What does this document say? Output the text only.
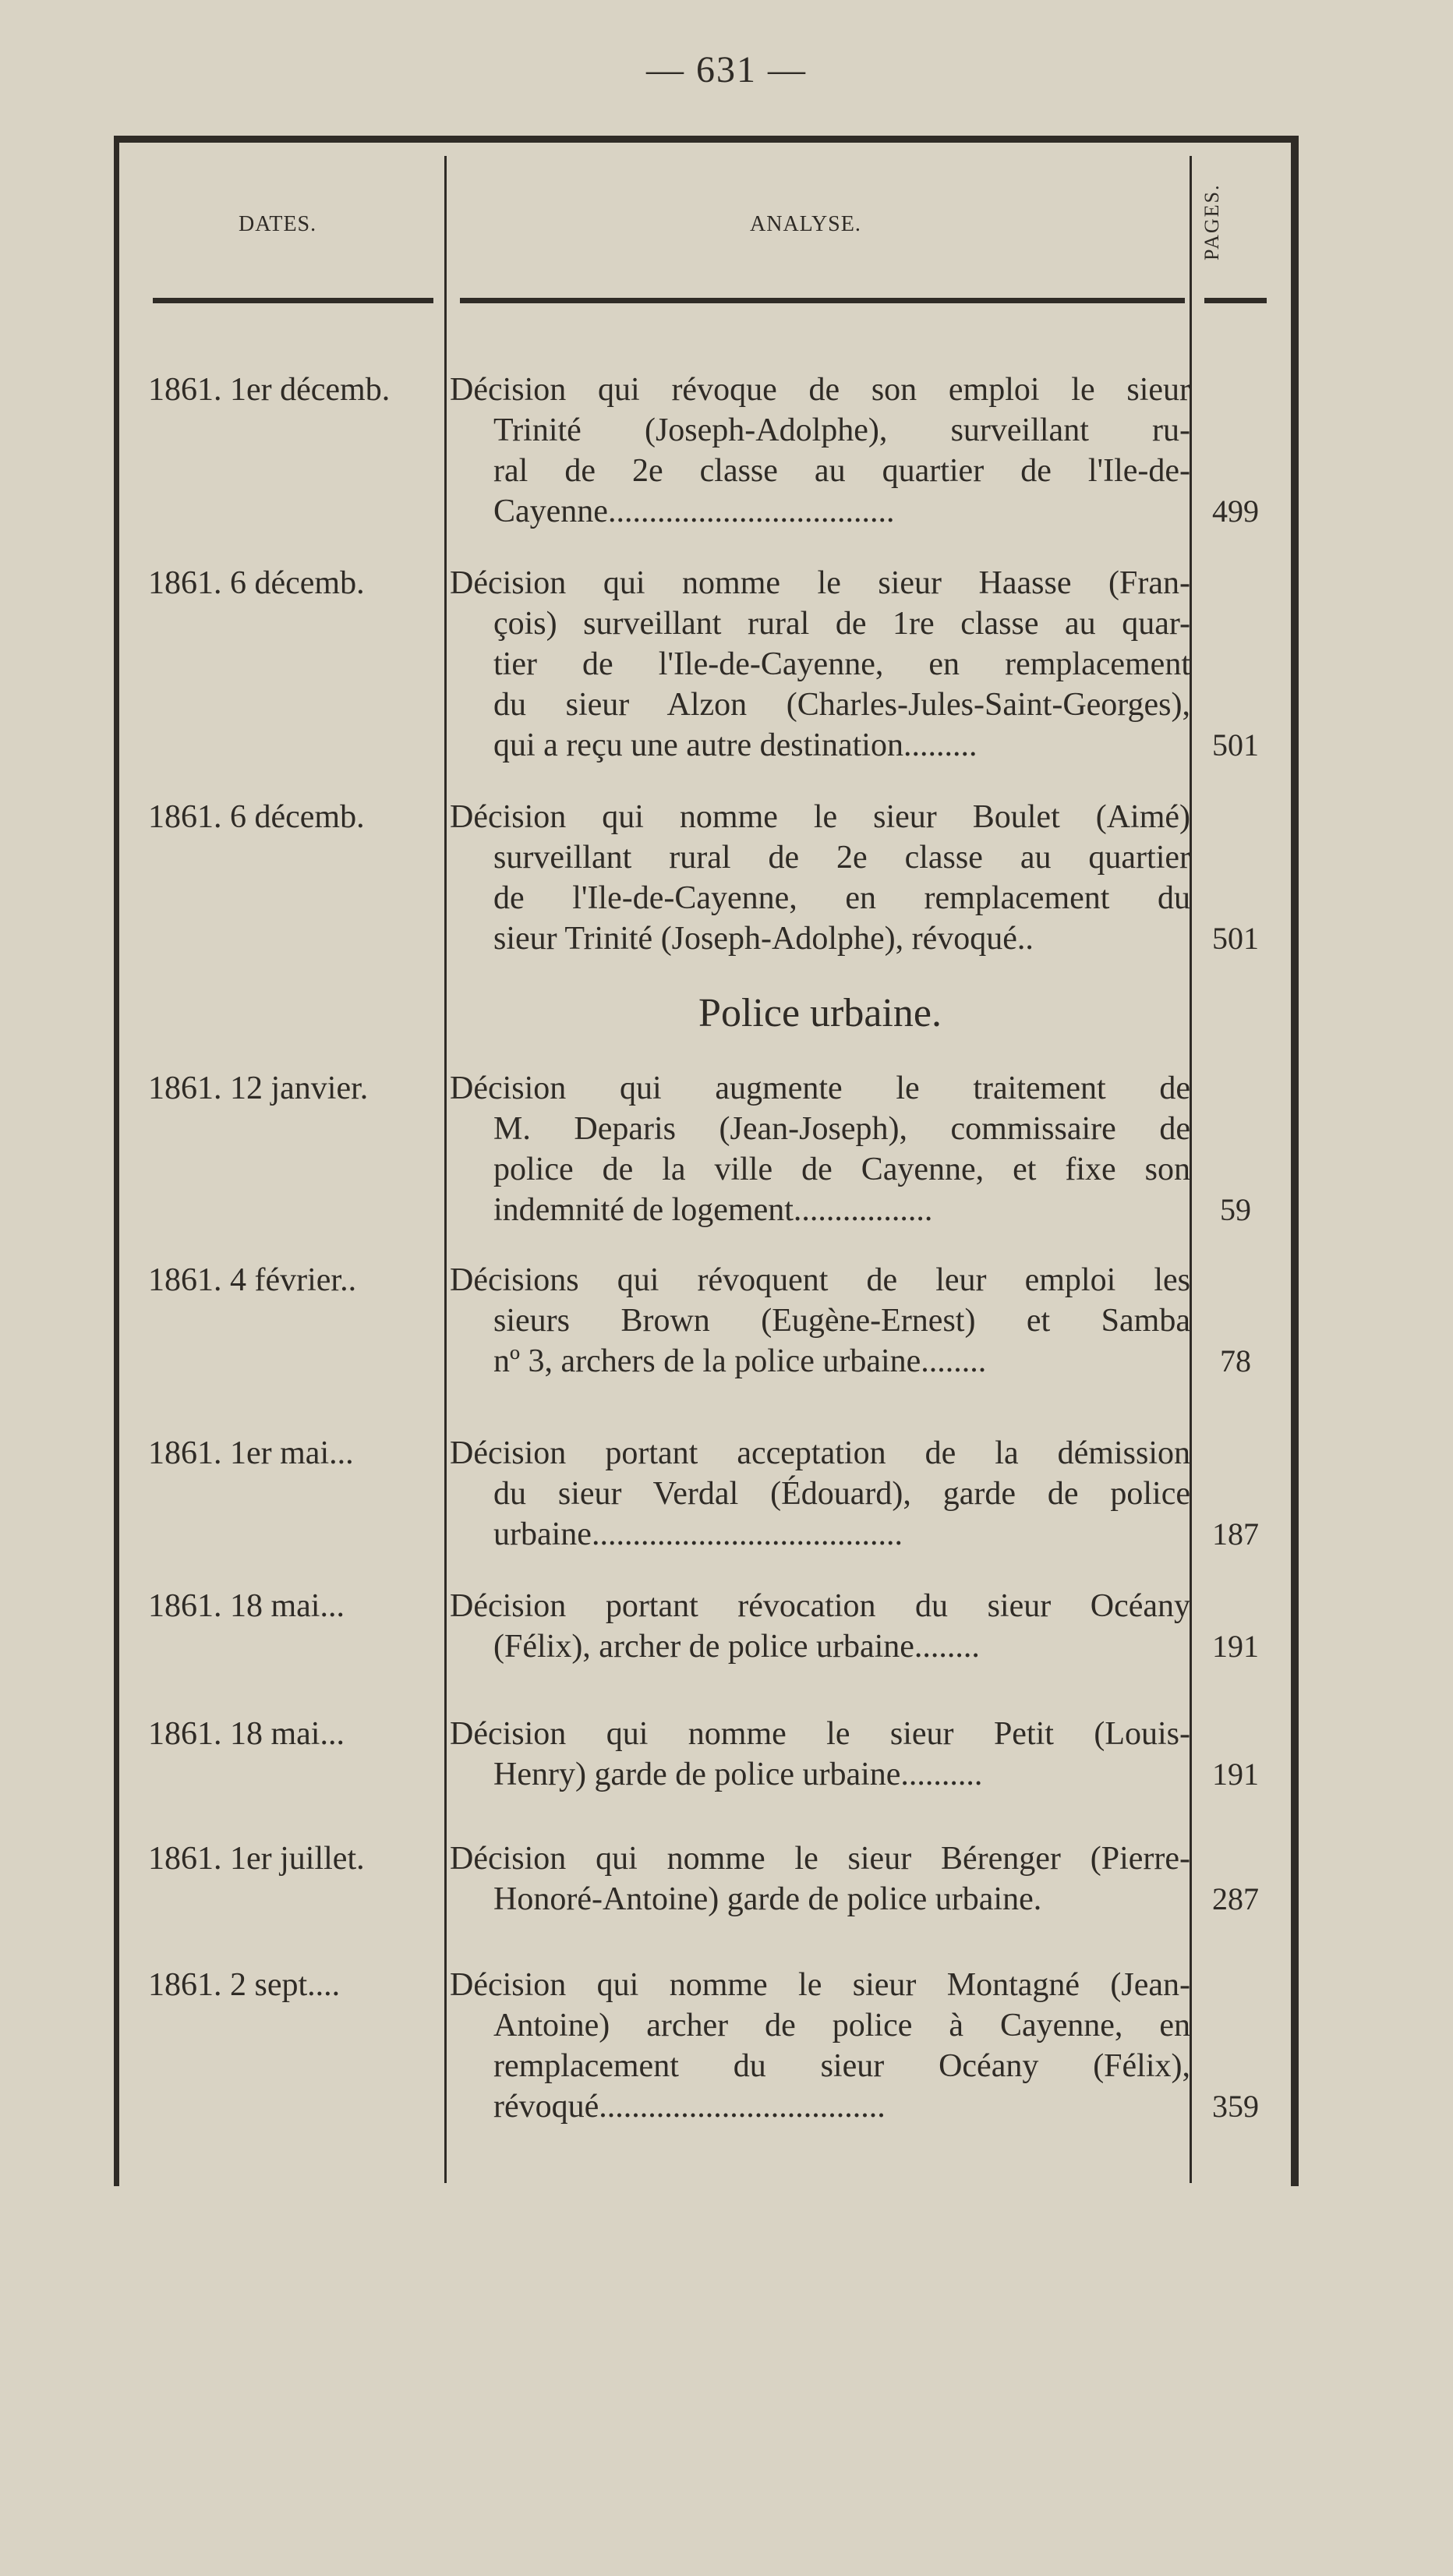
— 631 —
DATES.	ANALYSE.	PAGES.
1861. 1er décemb.	Décision qui révoque de son emploi le sieur
Trinité (Joseph-Adolphe), surveillant ru-
ral de 2e classe au quartier de l'Ile-de-
Cayenne...................................	499
1861. 6 décemb.	Décision qui nomme le sieur Haasse (Fran-
çois) surveillant rural de 1re classe au quar-
tier de l'Ile-de-Cayenne, en remplacement
du sieur Alzon (Charles-Jules-Saint-Georges),
qui a reçu une autre destination.........	501
1861. 6 décemb.	Décision qui nomme le sieur Boulet (Aimé)
surveillant rural de 2e classe au quartier
de l'Ile-de-Cayenne, en remplacement du
sieur Trinité (Joseph-Adolphe), révoqué..	501
Police urbaine.
1861. 12 janvier.	Décision qui augmente le traitement de
M. Deparis (Jean-Joseph), commissaire de
police de la ville de Cayenne, et fixe son
indemnité de logement.................	59
1861. 4 février..	Décisions qui révoquent de leur emploi les
sieurs Brown (Eugène-Ernest) et Samba
nº 3, archers de la police urbaine........	78
1861. 1er mai...	Décision portant acceptation de la démission
du sieur Verdal (Édouard), garde de police
urbaine......................................	187
1861. 18 mai...	Décision portant révocation du sieur Océany
(Félix), archer de police urbaine........	191
1861. 18 mai...	Décision qui nomme le sieur Petit (Louis-
Henry) garde de police urbaine..........	191
1861. 1er juillet.	Décision qui nomme le sieur Bérenger (Pierre-
Honoré-Antoine) garde de police urbaine.	287
1861. 2 sept....	Décision qui nomme le sieur Montagné (Jean-
Antoine) archer de police à Cayenne, en
remplacement du sieur Océany (Félix),
révoqué...................................	359
